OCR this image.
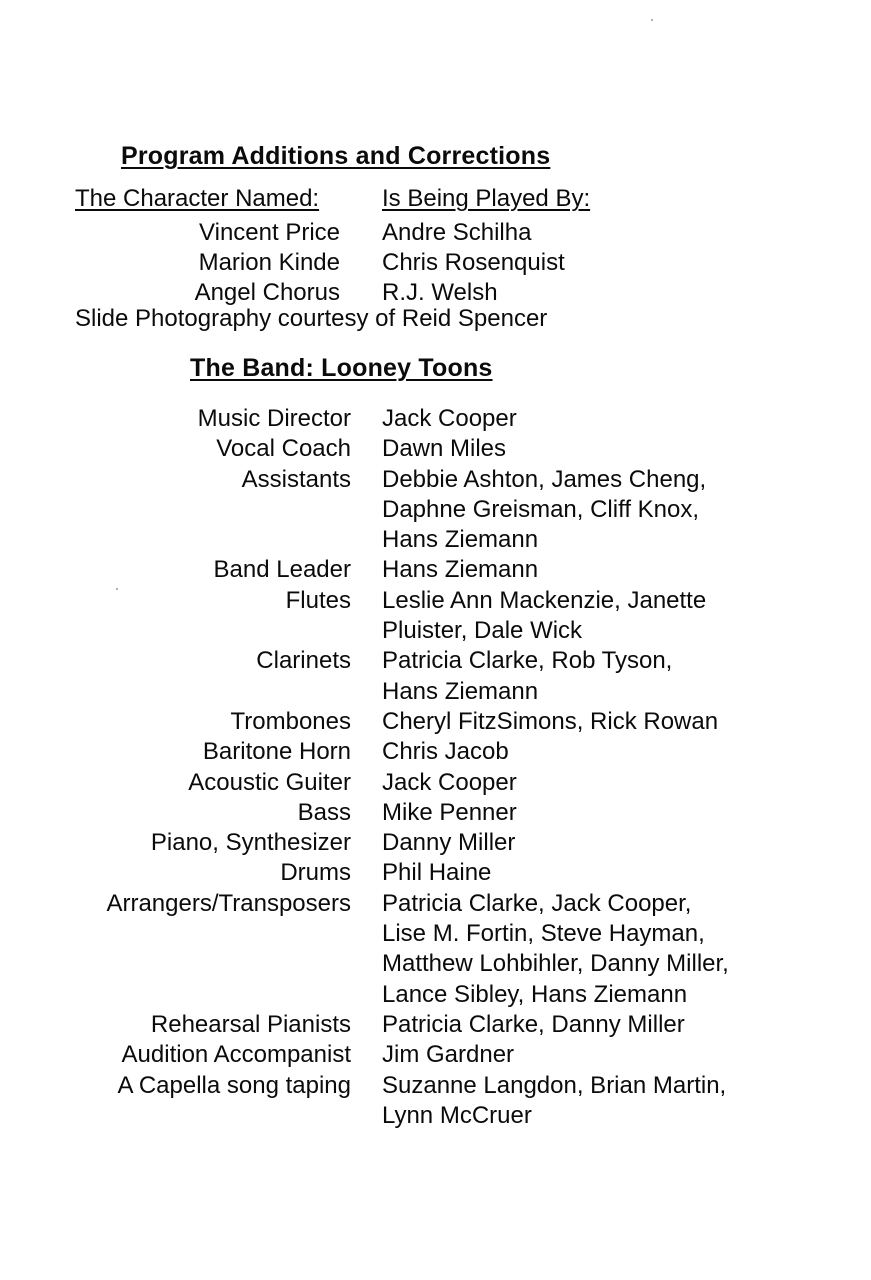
Program Additions and Corrections
The Character Named:	Is Being Played By:
Vincent Price Andre Schilha
Marion Kinde Chris Rosenquist
Angel Chorus R.J. Welsh
Slide Photography courtesy of Reid Spencer
The Band: Looney Toons
Music Director Jack Cooper
Vocal Coach Dawn Miles
Assistants Debbie Ashton, James Cheng,
Daphne Greisman, Cliff Knox,
Hans Ziemann
Band Leader Hans Ziemann
Flutes Leslie Ann Mackenzie, Janette
Pluister, Dale Wick
Clarinets Patricia Clarke, Rob Tyson,
Hans Ziemann
Trombones Cheryl FitzSimons, Rick Rowan
Baritone Horn Chris Jacob
Acoustic Guiter Jack Cooper
Bass Mike Penner
Piano, Synthesizer Danny Miller
Drums Phil Haine
Arrangers/Transposers Patricia Clarke, Jack Cooper,
Lise M. Fortin, Steve Hayman,
Matthew Lohbihler, Danny Miller,
Lance Sibley, Hans Ziemann
Rehearsal Pianists Patricia Clarke, Danny Miller
Audition Accompanist Jim Gardner
A Capella song taping Suzanne Langdon, Brian Martin,
Lynn McCruer
